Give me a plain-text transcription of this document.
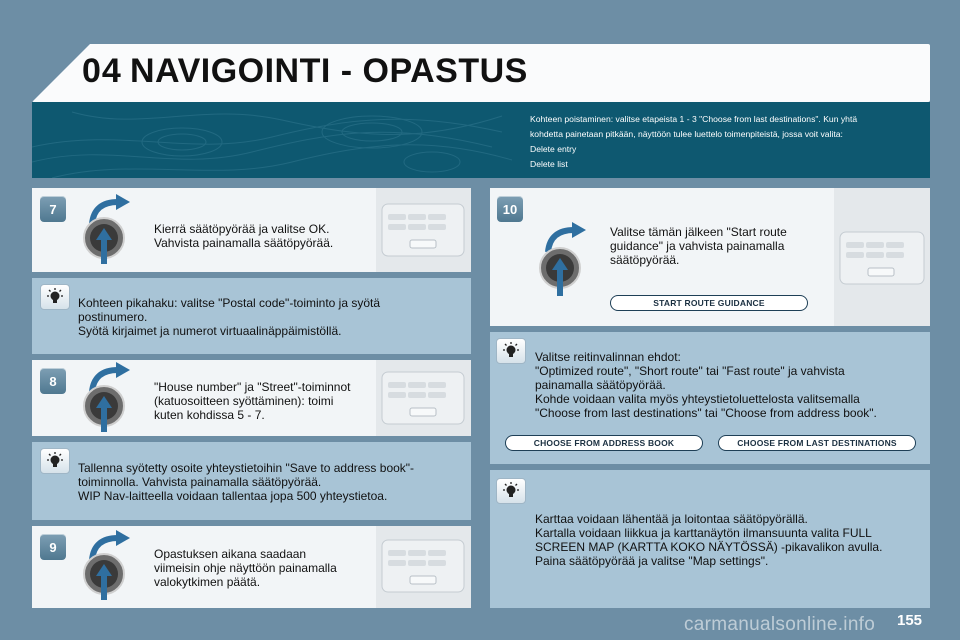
04 NAVIGOINTI - OPASTUS
Kohteen poistaminen: valitse etapeista 1 - 3 "Choose from last destinations". Kun yhtä
kohdetta painetaan pitkään, näyttöön tulee luettelo toimenpiteistä, jossa voit valita:
Delete entry
Delete list
7
Kierrä säätöpyörää ja valitse OK.
Vahvista painamalla säätöpyörää.
Kohteen pikahaku: valitse "Postal code"-toiminto ja syötä
postinumero.
Syötä kirjaimet ja numerot virtuaalinäppäimistöllä.
8	"House number" ja "Street"-toiminnot
(katuosoitteen syöttäminen): toimi
kuten kohdissa 5 - 7.
Tallenna syötetty osoite yhteystietoihin "Save to address book"-
toiminnolla. Vahvista painamalla säätöpyörää.
WIP Nav-laitteella voidaan tallentaa jopa 500 yhteystietoa.
9	Opastuksen aikana saadaan
viimeisin ohje näyttöön painamalla
valokytkimen päätä.
10
Valitse tämän jälkeen "Start route
guidance" ja vahvista painamalla
säätöpyörää.
START ROUTE GUIDANCE
Valitse reitinvalinnan ehdot:
"Optimized route", "Short route" tai "Fast route" ja vahvista
painamalla säätöpyörää.
Kohde voidaan valita myös yhteystietoluettelosta valitsemalla
"Choose from last destinations" tai "Choose from address book".
CHOOSE FROM ADDRESS BOOK	CHOOSE FROM LAST DESTINATIONS
Karttaa voidaan lähentää ja loitontaa säätöpyörällä.
Kartalla voidaan liikkua ja karttanäytön ilmansuunta valita FULL
SCREEN MAP (KARTTA KOKO NÄYTÖSSÄ) -pikavalikon avulla.
Paina säätöpyörää ja valitse "Map settings".
carmanualsonline.info 155
